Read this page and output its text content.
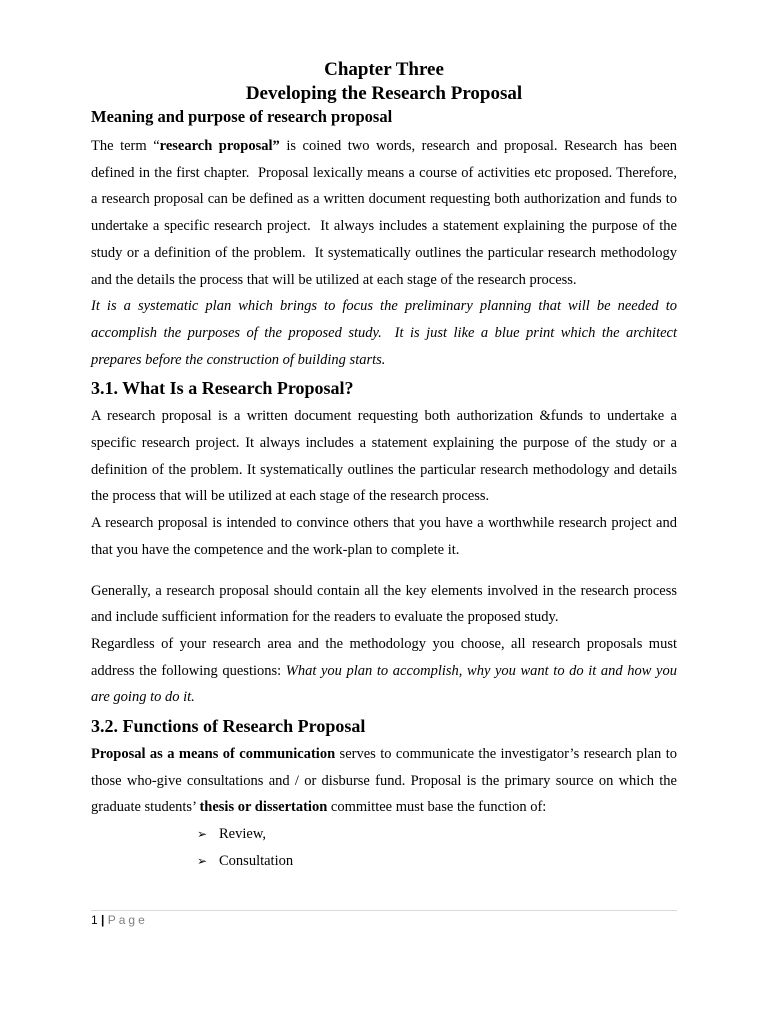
Chapter Three
Developing the Research Proposal
Meaning and purpose of research proposal

The term “research proposal” is coined two words, research and proposal. Research has been defined in the first chapter.  Proposal lexically means a course of activities etc proposed. Therefore, a research proposal can be defined as a written document requesting both authorization and funds to undertake a specific research project.  It always includes a statement explaining the purpose of the study or a definition of the problem.  It systematically outlines the particular research methodology and the details the process that will be utilized at each stage of the research process.

It is a systematic plan which brings to focus the preliminary planning that will be needed to accomplish the purposes of the proposed study.  It is just like a blue print which the architect prepares before the construction of building starts.

3.1. What Is a Research Proposal?

A research proposal is a written document requesting both authorization &funds to undertake a specific research project. It always includes a statement explaining the purpose of the study or a definition of the problem. It systematically outlines the particular research methodology and details the process that will be utilized at each stage of the research process.

A research proposal is intended to convince others that you have a worthwhile research project and that you have the competence and the work-plan to complete it.

Generally, a research proposal should contain all the key elements involved in the research process and include sufficient information for the readers to evaluate the proposed study.

Regardless of your research area and the methodology you choose, all research proposals must address the following questions: What you plan to accomplish, why you want to do it and how you are going to do it.

3.2. Functions of Research Proposal

Proposal as a means of communication serves to communicate the investigator’s research plan to those who-give consultations and / or disburse fund. Proposal is the primary source on which the graduate students’ thesis or dissertation committee must base the function of:

➢ Review,
➢ Consultation
1 | Page
